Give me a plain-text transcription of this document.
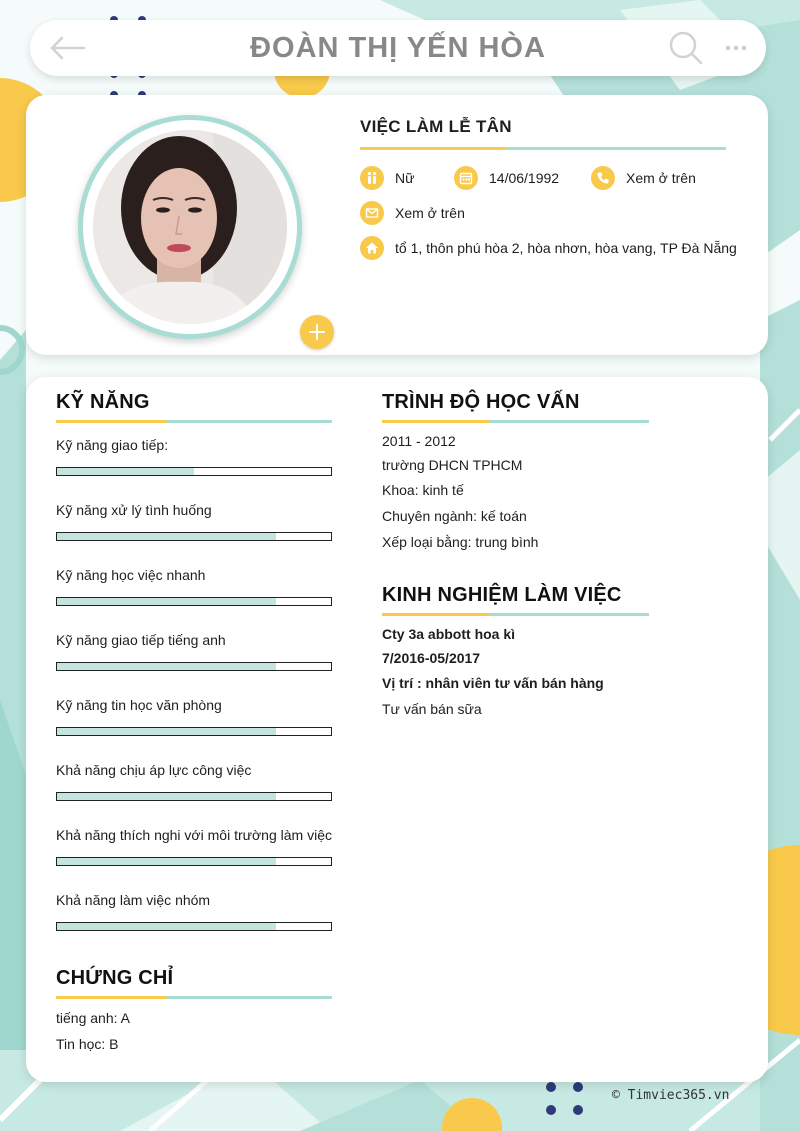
ĐOÀN THỊ YẾN HÒA
VIỆC LÀM LỄ TÂN
Nữ	14/06/1992	Xem ở trên
Xem ở trên
tổ 1, thôn phú hòa 2, hòa nhơn, hòa vang, TP Đà Nẵng
KỸ NĂNG
Kỹ năng giao tiếp:
Kỹ năng xử lý tình huống
Kỹ năng học việc nhanh
Kỹ năng giao tiếp tiếng anh
Kỹ năng tin học văn phòng
Khả năng chịu áp lực công việc
Khả năng thích nghi với môi trường làm việc
Khả năng làm việc nhóm
CHỨNG CHỈ
tiếng anh: A
Tin học: B
TRÌNH ĐỘ HỌC VẤN
2011 - 2012
trường DHCN TPHCM
Khoa: kinh tế
Chuyên ngành: kế toán
Xếp loại bằng: trung bình
KINH NGHIỆM LÀM VIỆC
Cty 3a abbott hoa kì
7/2016-05/2017
Vị trí : nhân viên tư vấn bán hàng
Tư vấn bán sữa
© Timviec365.vn
